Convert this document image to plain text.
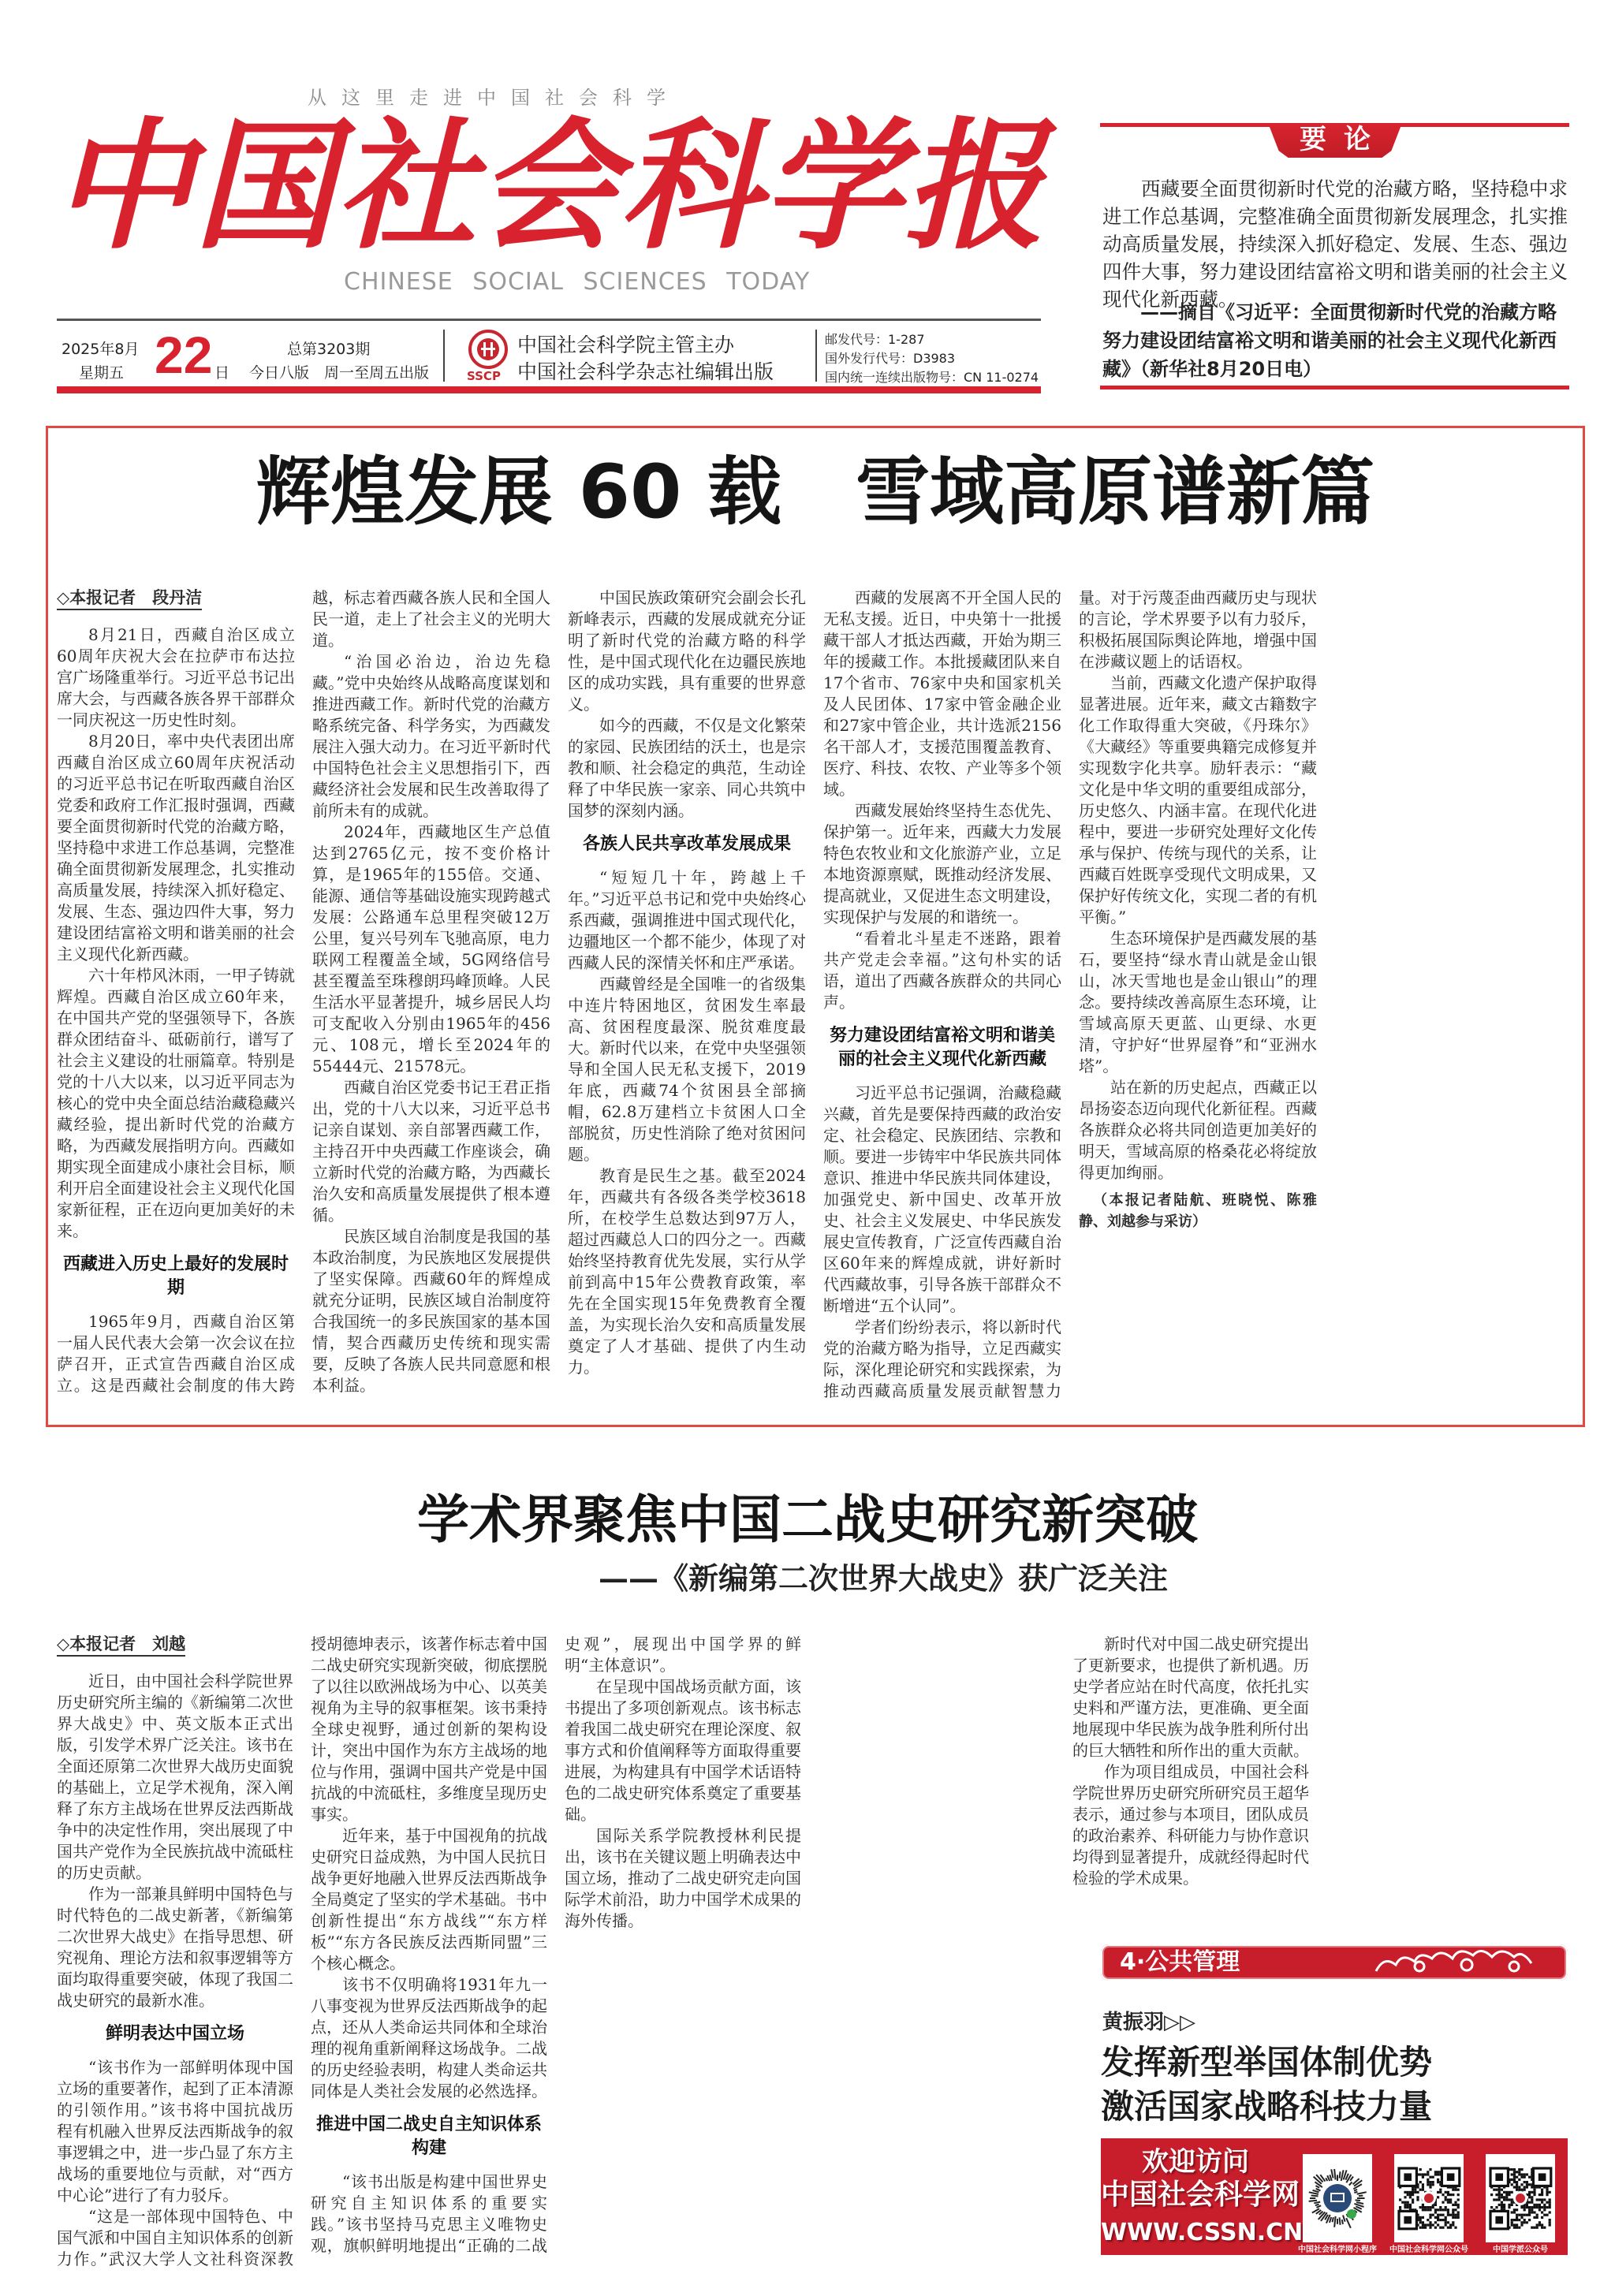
从这里走进中国社会科学
中国社会科学报
CHINESE SOCIAL SCIENCES TODAY
2025年8月
星期五 22 日
总第3203期
今日八版　周一至周五出版	SSCP
中国社会科学院主管主办
中国社会科学杂志社编辑出版
邮发代号：1-287
国外发行代号：D3983
国内统一连续出版物号：CN 11-0274
要论
西藏要全面贯彻新时代党的治藏方略，坚持稳中求进工作总基调，完整准确全面贯彻新发展理念，扎实推动高质量发展，持续深入抓好稳定、发展、生态、强边四件大事，努力建设团结富裕文明和谐美丽的社会主义现代化新西藏。
——摘自《习近平：全面贯彻新时代党的治藏方略 努力建设团结富裕文明和谐美丽的社会主义现代化新西藏》（新华社8月20日电）
辉煌发展 60 载　雪域高原谱新篇
◇本报记者　段丹洁

8月21日，西藏自治区成立60周年庆祝大会在拉萨市布达拉宫广场隆重举行。习近平总书记出席大会，与西藏各族各界干部群众一同庆祝这一历史性时刻。

8月20日，率中央代表团出席西藏自治区成立60周年庆祝活动的习近平总书记在听取西藏自治区党委和政府工作汇报时强调，西藏要全面贯彻新时代党的治藏方略，坚持稳中求进工作总基调，完整准确全面贯彻新发展理念，扎实推动高质量发展，持续深入抓好稳定、发展、生态、强边四件大事，努力建设团结富裕文明和谐美丽的社会主义现代化新西藏。

六十年栉风沐雨，一甲子铸就辉煌。西藏自治区成立60年来，在中国共产党的坚强领导下，各族群众团结奋斗、砥砺前行，谱写了社会主义建设的壮丽篇章。特别是党的十八大以来，以习近平同志为核心的党中央全面总结治藏稳藏兴藏经验，提出新时代党的治藏方略，为西藏发展指明方向。西藏如期实现全面建成小康社会目标，顺利开启全面建设社会主义现代化国家新征程，正在迈向更加美好的未来。

西藏进入历史上最好的发展时期

1965年9月，西藏自治区第一届人民代表大会第一次会议在拉萨召开，正式宣告西藏自治区成立。这是西藏社会制度的伟大跨越，标志着西藏各族人民和全国人民一道，走上了社会主义的光明大道。

“治国必治边，治边先稳藏。”党中央始终从战略高度谋划和推进西藏工作。新时代党的治藏方略系统完备、科学务实，为西藏发展注入强大动力。在习近平新时代中国特色社会主义思想指引下，西藏经济社会发展和民生改善取得了前所未有的成就。

2024年，西藏地区生产总值达到2765亿元，按不变价格计算，是1965年的155倍。交通、能源、通信等基础设施实现跨越式发展：公路通车总里程突破12万公里，复兴号列车飞驰高原，电力联网工程覆盖全域，5G网络信号甚至覆盖至珠穆朗玛峰顶峰。人民生活水平显著提升，城乡居民人均可支配收入分别由1965年的456元、108元，增长至2024年的55444元、21578元。

西藏自治区党委书记王君正指出，党的十八大以来，习近平总书记亲自谋划、亲自部署西藏工作，主持召开中央西藏工作座谈会，确立新时代党的治藏方略，为西藏长治久安和高质量发展提供了根本遵循。

民族区域自治制度是我国的基本政治制度，为民族地区发展提供了坚实保障。西藏60年的辉煌成就充分证明，民族区域自治制度符合我国统一的多民族国家的基本国情，契合西藏历史传统和现实需要，反映了各族人民共同意愿和根本利益。

中国民族政策研究会副会长孔新峰表示，西藏的发展成就充分证明了新时代党的治藏方略的科学性，是中国式现代化在边疆民族地区的成功实践，具有重要的世界意义。

如今的西藏，不仅是文化繁荣的家园、民族团结的沃土，也是宗教和顺、社会稳定的典范，生动诠释了中华民族一家亲、同心共筑中国梦的深刻内涵。

各族人民共享改革发展成果

“短短几十年，跨越上千年。”习近平总书记和党中央始终心系西藏，强调推进中国式现代化，边疆地区一个都不能少，体现了对西藏人民的深情关怀和庄严承诺。

西藏曾经是全国唯一的省级集中连片特困地区，贫困发生率最高、贫困程度最深、脱贫难度最大。新时代以来，在党中央坚强领导和全国人民无私支援下，2019年底，西藏74个贫困县全部摘帽，62.8万建档立卡贫困人口全部脱贫，历史性消除了绝对贫困问题。

教育是民生之基。截至2024年，西藏共有各级各类学校3618所，在校学生总数达到97万人，超过西藏总人口的四分之一。西藏始终坚持教育优先发展，实行从学前到高中15年公费教育政策，率先在全国实现15年免费教育全覆盖，为实现长治久安和高质量发展奠定了人才基础、提供了内生动力。

西藏的发展离不开全国人民的无私支援。近日，中央第十一批援藏干部人才抵达西藏，开始为期三年的援藏工作。本批援藏团队来自17个省市、76家中央和国家机关及人民团体、17家中管金融企业和27家中管企业，共计选派2156名干部人才，支援范围覆盖教育、医疗、科技、农牧、产业等多个领域。

西藏发展始终坚持生态优先、保护第一。近年来，西藏大力发展特色农牧业和文化旅游产业，立足本地资源禀赋，既推动经济发展、提高就业，又促进生态文明建设，实现保护与发展的和谐统一。

“看着北斗星走不迷路，跟着共产党走会幸福。”这句朴实的话语，道出了西藏各族群众的共同心声。

努力建设团结富裕文明和谐美丽的社会主义现代化新西藏

习近平总书记强调，治藏稳藏兴藏，首先是要保持西藏的政治安定、社会稳定、民族团结、宗教和顺。要进一步铸牢中华民族共同体意识、推进中华民族共同体建设，加强党史、新中国史、改革开放史、社会主义发展史、中华民族发展史宣传教育，广泛宣传西藏自治区60年来的辉煌成就，讲好新时代西藏故事，引导各族干部群众不断增进“五个认同”。

学者们纷纷表示，将以新时代党的治藏方略为指导，立足西藏实际，深化理论研究和实践探索，为推动西藏高质量发展贡献智慧力量。对于污蔑歪曲西藏历史与现状的言论，学术界要予以有力驳斥，积极拓展国际舆论阵地，增强中国在涉藏议题上的话语权。

当前，西藏文化遗产保护取得显著进展。近年来，藏文古籍数字化工作取得重大突破，《丹珠尔》《大藏经》等重要典籍完成修复并实现数字化共享。励轩表示：“藏文化是中华文明的重要组成部分，历史悠久、内涵丰富。在现代化进程中，要进一步研究处理好文化传承与保护、传统与现代的关系，让西藏百姓既享受现代文明成果，又保护好传统文化，实现二者的有机平衡。”

生态环境保护是西藏发展的基石，要坚持“绿水青山就是金山银山，冰天雪地也是金山银山”的理念。要持续改善高原生态环境，让雪域高原天更蓝、山更绿、水更清，守护好“世界屋脊”和“亚洲水塔”。

站在新的历史起点，西藏正以昂扬姿态迈向现代化新征程。西藏各族群众必将共同创造更加美好的明天，雪域高原的格桑花必将绽放得更加绚丽。

（本报记者陆航、班晓悦、陈雅静、刘越参与采访）

学术界聚焦中国二战史研究新突破
——《新编第二次世界大战史》获广泛关注
◇本报记者　刘越

近日，由中国社会科学院世界历史研究所主编的《新编第二次世界大战史》中、英文版本正式出版，引发学术界广泛关注。该书在全面还原第二次世界大战历史面貌的基础上，立足学术视角，深入阐释了东方主战场在世界反法西斯战争中的决定性作用，突出展现了中国共产党作为全民族抗战中流砥柱的历史贡献。

作为一部兼具鲜明中国特色与时代特色的二战史新著，《新编第二次世界大战史》在指导思想、研究视角、理论方法和叙事逻辑等方面均取得重要突破，体现了我国二战史研究的最新水准。

鲜明表达中国立场

“该书作为一部鲜明体现中国立场的重要著作，起到了正本清源的引领作用。”该书将中国抗战历程有机融入世界反法西斯战争的叙事逻辑之中，进一步凸显了东方主战场的重要地位与贡献，对“西方中心论”进行了有力驳斥。

“这是一部体现中国特色、中国气派和中国自主知识体系的创新力作。”武汉大学人文社科资深教授胡德坤表示，该著作标志着中国二战史研究实现新突破，彻底摆脱了以往以欧洲战场为中心、以英美视角为主导的叙事框架。该书秉持全球史视野，通过创新的架构设计，突出中国作为东方主战场的地位与作用，强调中国共产党是中国抗战的中流砥柱，多维度呈现历史事实。

近年来，基于中国视角的抗战史研究日益成熟，为中国人民抗日战争更好地融入世界反法西斯战争全局奠定了坚实的学术基础。书中创新性提出“东方战线”“东方样板”“东方各民族反法西斯同盟”三个核心概念。

该书不仅明确将1931年九一八事变视为世界反法西斯战争的起点，还从人类命运共同体和全球治理的视角重新阐释这场战争。二战的历史经验表明，构建人类命运共同体是人类社会发展的必然选择。

推进中国二战史自主知识体系构建

“该书出版是构建中国世界史研究自主知识体系的重要实践。”该书坚持马克思主义唯物史观，旗帜鲜明地提出“正确的二战史观”，展现出中国学界的鲜明“主体意识”。

在呈现中国战场贡献方面，该书提出了多项创新观点。该书标志着我国二战史研究在理论深度、叙事方式和价值阐释等方面取得重要进展，为构建具有中国学术话语特色的二战史研究体系奠定了重要基础。

国际关系学院教授林利民提出，该书在关键议题上明确表达中国立场，推动了二战史研究走向国际学术前沿，助力中国学术成果的海外传播。

新时代对中国二战史研究提出了更新要求，也提供了新机遇。历史学者应站在时代高度，依托扎实史料和严谨方法，更准确、更全面地展现中华民族为战争胜利所付出的巨大牺牲和所作出的重大贡献。

作为项目组成员，中国社会科学院世界历史研究所研究员王超华表示，通过参与本项目，团队成员的政治素养、科研能力与协作意识均得到显著提升，成就经得起时代检验的学术成果。

4·公共管理
黄振羽▷▷
发挥新型举国体制优势
激活国家战略科技力量
欢迎访问
中国社会科学网
WWW.CSSN.CN
中国社会科学网小程序	中国社会科学网公众号	中国学派公众号
